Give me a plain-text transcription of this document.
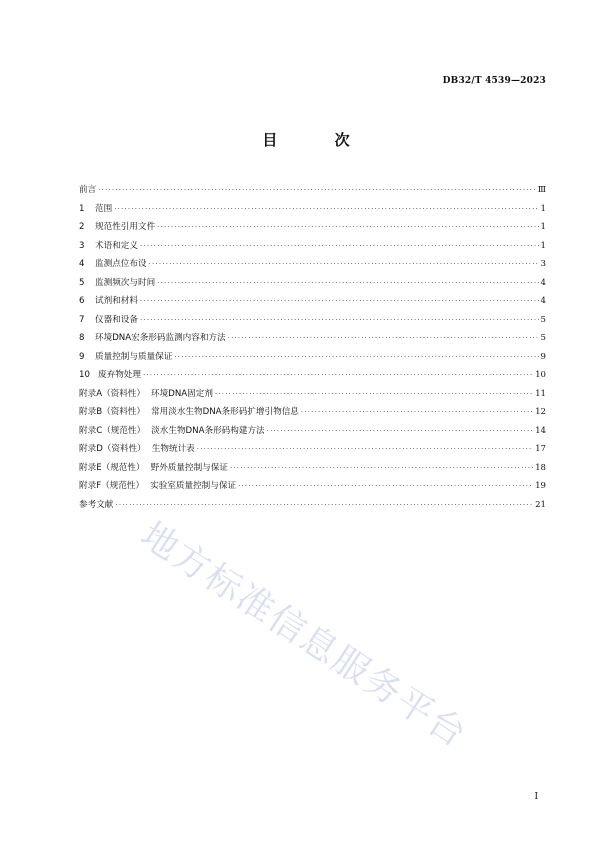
DB32/T 4539—2023
目 次
前言 ·····	Ⅲ
1	范围 ·····	1
2	规范性引用文件 ·····	1
3	术语和定义 ·····	1
4	监测点位布设 ·····	3
5	监测频次与时间 ·····	4
6	试剂和材料 ·····	4
7	仪器和设备 ·····	5
8	环境DNA宏条形码监测内容和方法 ·····	5
9	质量控制与质量保证 ·····	9
10 废弃物处理 ·····	10
附录A（资料性） 环境DNA固定剂 ·····	11
附录B（资料性） 常用淡水生物DNA条形码扩增引物信息 ·····	12
附录C（规范性） 淡水生物DNA条形码构建方法 ·····	14
附录D（资料性） 生物统计表 ·····	17
附录E（规范性） 野外质量控制与保证 ·····	18
附录F（规范性） 实验室质量控制与保证 ·····	19
参考文献 ·····	21
地方标准信息服务平台
I
